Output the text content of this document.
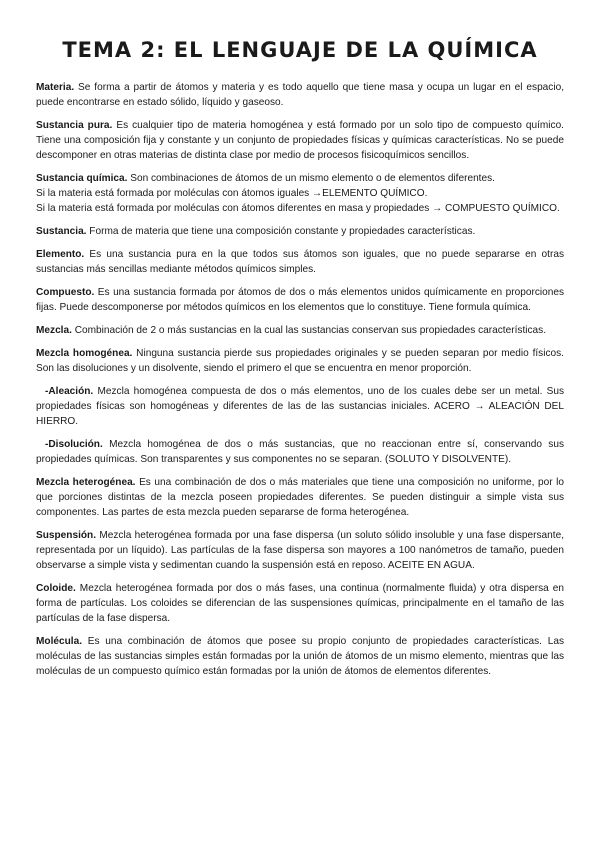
TEMA 2: EL LENGUAJE DE LA QUÍMICA

Materia. Se forma a partir de átomos y materia y es todo aquello que tiene masa y ocupa un lugar en el espacio, puede encontrarse en estado sólido, líquido y gaseoso.

Sustancia pura. Es cualquier tipo de materia homogénea y está formado por un solo tipo de compuesto químico. Tiene una composición fija y constante y un conjunto de propiedades físicas y químicas características. No se puede descomponer en otras materias de distinta clase por medio de procesos fisicoquímicos sencillos.

Sustancia química. Son combinaciones de átomos de un mismo elemento o de elementos diferentes.
Si la materia está formada por moléculas con átomos iguales →ELEMENTO QUÍMICO.
Si la materia está formada por moléculas con átomos diferentes en masa y propiedades → COMPUESTO QUÍMICO.

Sustancia. Forma de materia que tiene una composición constante y propiedades características.

Elemento. Es una sustancia pura en la que todos sus átomos son iguales, que no puede separarse en otras sustancias más sencillas mediante métodos químicos simples.

Compuesto. Es una sustancia formada por átomos de dos o más elementos unidos químicamente en proporciones fijas. Puede descomponerse por métodos químicos en los elementos que lo constituye. Tiene formula química.

Mezcla. Combinación de 2 o más sustancias en la cual las sustancias conservan sus propiedades características.

Mezcla homogénea. Ninguna sustancia pierde sus propiedades originales y se pueden separan por medio físicos. Son las disoluciones y un disolvente, siendo el primero el que se encuentra en menor proporción.

-Aleación. Mezcla homogénea compuesta de dos o más elementos, uno de los cuales debe ser un metal. Sus propiedades físicas son homogéneas y diferentes de las de las sustancias iniciales. ACERO → ALEACIÓN DEL HIERRO.

-Disolución. Mezcla homogénea de dos o más sustancias, que no reaccionan entre sí, conservando sus propiedades químicas. Son transparentes y sus componentes no se separan. (SOLUTO Y DISOLVENTE).

Mezcla heterogénea. Es una combinación de dos o más materiales que tiene una composición no uniforme, por lo que porciones distintas de la mezcla poseen propiedades diferentes. Se pueden distinguir a simple vista sus componentes. Las partes de esta mezcla pueden separarse de forma heterogénea.

Suspensión. Mezcla heterogénea formada por una fase dispersa (un soluto sólido insoluble y una fase dispersante, representada por un líquido). Las partículas de la fase dispersa son mayores a 100 nanómetros de tamaño, pueden observarse a simple vista y sedimentan cuando la suspensión está en reposo. ACEITE EN AGUA.

Coloide. Mezcla heterogénea formada por dos o más fases, una continua (normalmente fluida) y otra dispersa en forma de partículas. Los coloides se diferencian de las suspensiones químicas, principalmente en el tamaño de las partículas de la fase dispersa.

Molécula. Es una combinación de átomos que posee su propio conjunto de propiedades características. Las moléculas de las sustancias simples están formadas por la unión de átomos de un mismo elemento, mientras que las moléculas de un compuesto químico están formadas por la unión de átomos de elementos diferentes.
